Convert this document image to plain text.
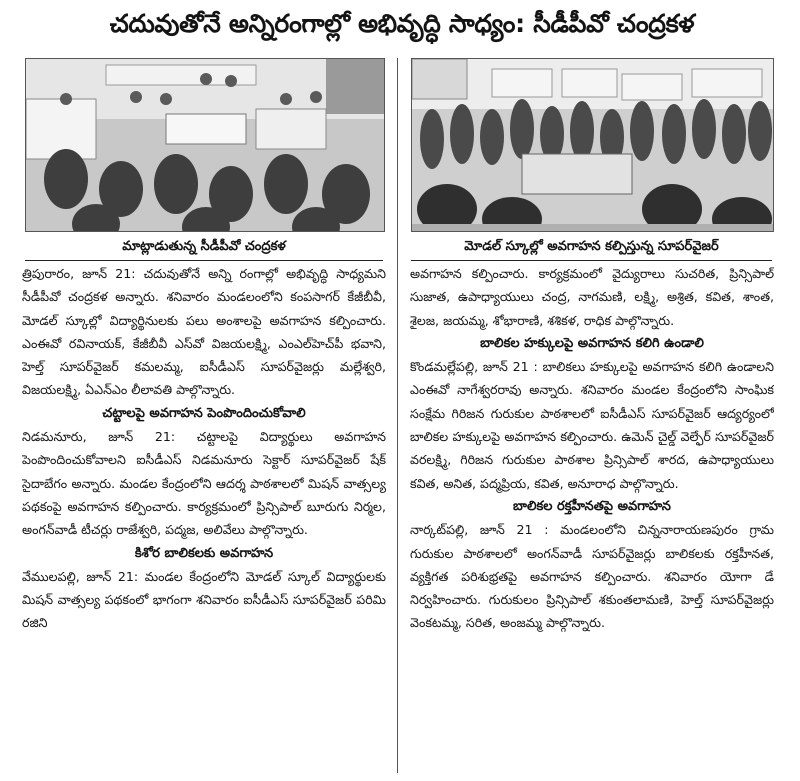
చదువుతోనే అన్నిరంగాల్లో అభివృద్ధి సాధ్యం: సీడీపీవో చంద్రకళ
మాట్లాడుతున్న సీడీపీవో చంద్రకళ	మోడల్ స్కూల్లో అవగాహన కల్పిస్తున్న సూపర్‌వైజర్

త్రిపురారం, జూన్ 21: చదువుతోనే అన్ని రంగాల్లో అభివృద్ధి సాధ్యమని సీడీపీవో చంద్రకళ అన్నారు. శనివారం మండలంలోని కంపసాగర్ కేజీబీవీ, మోడల్ స్కూల్లో విద్యార్థినులకు పలు అంశాలపై అవగాహన కల్పించారు. ఎంఈవో రవినాయక్, కేజీబీవీ ఎస్‌వో విజయలక్ష్మి, ఎంఎల్‌హెచ్‌పీ భవాని, హెల్త్ సూపర్‌వైజర్ కమలమ్మ, ఐసీడీఎస్ సూపర్‌వైజర్లు మల్లేశ్వరి, విజయలక్ష్మి, ఏఎన్ఎం లీలావతి పాల్గొన్నారు.

చట్టాలపై అవగాహన పెంపొందించుకోవాలి

నిడమనూరు, జూన్ 21: చట్టాలపై విద్యార్థులు అవగాహన పెంపొందించుకోవాలని ఐసీడీఎస్ నిడమనూరు సెక్టార్ సూపర్‌వైజర్ షేక్ సైదాబేగం అన్నారు. మండల కేంద్రంలోని ఆదర్శ పాఠశాలలో మిషన్ వాత్సల్య పథకంపై అవగాహన కల్పించారు. కార్యక్రమంలో ప్రిన్సిపాల్ బూరుగు నిర్మల, అంగన్‌వాడీ టీచర్లు రాజేశ్వరి, పద్మజ, అలివేలు పాల్గొన్నారు.

కిశోర బాలికలకు అవగాహన

వేములపల్లి, జూన్ 21: మండల కేంద్రంలోని మోడల్ స్కూల్ విద్యార్థులకు మిషన్ వాత్సల్య పథకంలో భాగంగా శనివారం ఐసీడీఎస్ సూపర్‌వైజర్ పరిమి రజిని

అవగాహన కల్పించారు. కార్యక్రమంలో వైద్యురాలు సుచరిత, ప్రిన్సిపాల్ సుజాత, ఉపాధ్యాయులు చంద్ర, నాగమణి, లక్ష్మి, అశ్రిత, కవిత, శాంత, శైలజ, జయమ్మ, శోభారాణి, శశికళ, రాధిక పాల్గొన్నారు.

బాలికల హక్కులపై అవగాహన కలిగి ఉండాలి

కొండమల్లేపల్లి, జూన్ 21 : బాలికలు హక్కులపై అవగాహన కలిగి ఉండాలని ఎంఈవో నాగేశ్వరరావు అన్నారు. శనివారం మండల కేంద్రంలోని సాంఘిక సంక్షేమ గిరిజన గురుకుల పాఠశాలలో ఐసీడీఎస్ సూపర్‌వైజర్ ఆద్యర్యంలో బాలికల హక్కులపై అవగాహన కల్పించారు. ఉమెన్ చైల్డ్ వెల్ఫేర్ సూపర్‌వైజర్ వరలక్ష్మి, గిరిజన గురుకుల పాఠశాల ప్రిన్సిపాల్ శారద, ఉపాధ్యాయులు కవిత, అనిత, పద్మప్రియ, కవిత, అనూరాధ పాల్గొన్నారు.

బాలికల రక్తహీనతపై అవగాహన

నార్కట్‌పల్లి, జూన్ 21 : మండలంలోని చిన్ననారాయణపురం గ్రామ గురుకుల పాఠశాలలో అంగన్‌వాడీ సూపర్‌వైజర్లు బాలికలకు రక్తహీనత, వ్యక్తిగత పరిశుభ్రతపై అవగాహన కల్పించారు. శనివారం యోగా డే నిర్వహించారు. గురుకులం ప్రిన్సిపాల్ శకుంతలామణి, హెల్త్ సూపర్‌వైజర్లు వెంకటమ్మ, సరిత, అంజమ్మ పాల్గొన్నారు.
